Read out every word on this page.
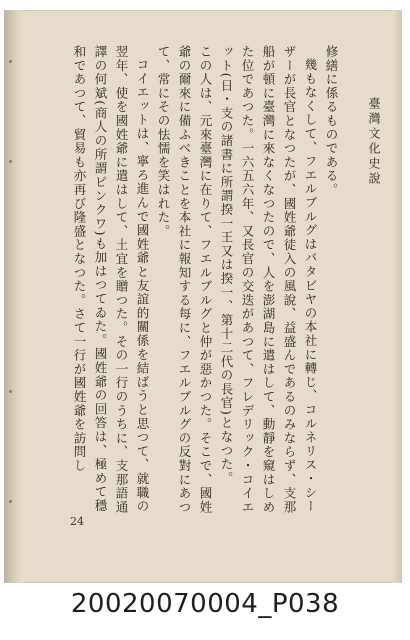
臺灣文化史說

修繕に係るものである。

幾もなくして、フエルブルグはバタビヤの本社に轉じ、コルネリス・シーザーが長官となつたが、國姓爺徒入の風說、益盛んであるのみならず、支那船が頓に臺灣に來なくなつたので、人を澎湖島に遣はして、動靜を窺はしめた位であつた。一六五六年、又長官の交迭があつて、フレデリック・コイエット(日・支の諸書に所謂揆一王又は揆一、第十二代の長官)となつた。

この人は、元來臺灣に在りて、フエルブルグと仲が惡かつた。そこで、國姓爺の爾來に備ふべきことを本社に報知する每に、フエルブルグの反對にあつて、常にその怯懦を笑はれた。

コイエットは、寧ろ進んで國姓爺と友誼的關係を結ばうと思つて、就職の翌年、使を國姓爺に遣はして、土宜を贈つた。その一行のうちに、支那語通譯の何斌(商人の所謂ピンクワ)も加はつてゐた。國姓爺の回答は、極めて穩和であつて、貿易も亦再び隆盛となつた。さて一行が國姓爺を訪問し

24
20020070004_P038
